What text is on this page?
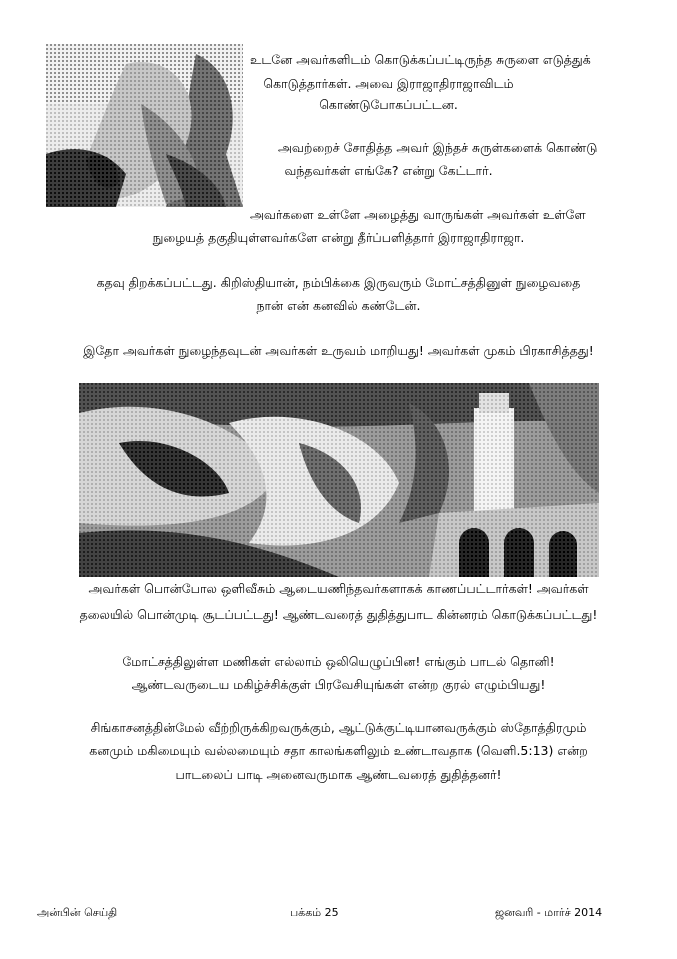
உடனே அவர்களிடம் கொடுக்கப்பட்டிருந்த சுருளை எடுத்துக்
கொடுத்தார்கள். அவை இராஜாதிராஜாவிடம்
கொண்டுபோகப்பட்டன.
அவற்றைச் சோதித்த அவர் இந்தச் சுருள்களைக் கொண்டு
வந்தவர்கள் எங்கே? என்று கேட்டார்.
அவர்களை உள்ளே அழைத்து வாருங்கள் அவர்கள் உள்ளே
நுழையத் தகுதியுள்ளவர்களே என்று தீர்ப்பளித்தார் இராஜாதிராஜா.
கதவு திறக்கப்பட்டது. கிறிஸ்தியான், நம்பிக்கை இருவரும் மோட்சத்தினுள் நுழைவதை
நான் என் கனவில் கண்டேன்.
இதோ அவர்கள் நுழைந்தவுடன் அவர்கள் உருவம் மாறியது! அவர்கள் முகம் பிரகாசித்தது!
அவர்கள் பொன்போல ஒளிவீசும் ஆடையணிந்தவர்களாகக் காணப்பட்டார்கள்! அவர்கள்
தலையில் பொன்முடி சூடப்பட்டது! ஆண்டவரைத் துதித்துபாட கின்னரம் கொடுக்கப்பட்டது!
மோட்சத்திலுள்ள மணிகள் எல்லாம் ஒலியெழுப்பின! எங்கும் பாடல் தொனி!
ஆண்டவருடைய மகிழ்ச்சிக்குள் பிரவேசியுங்கள் என்ற குரல் எழும்பியது!
சிங்காசனத்தின்மேல் வீற்றிருக்கிறவருக்கும், ஆட்டுக்குட்டியானவருக்கும் ஸ்தோத்திரமும்
கனமும் மகிமையும் வல்லமையும் சதா காலங்களிலும் உண்டாவதாக (வெளி.5:13) என்ற
பாடலைப் பாடி அனைவருமாக ஆண்டவரைத் துதித்தனர்!
அன்பின் செய்தி	பக்கம் 25	ஜனவரி - மார்ச் 2014
